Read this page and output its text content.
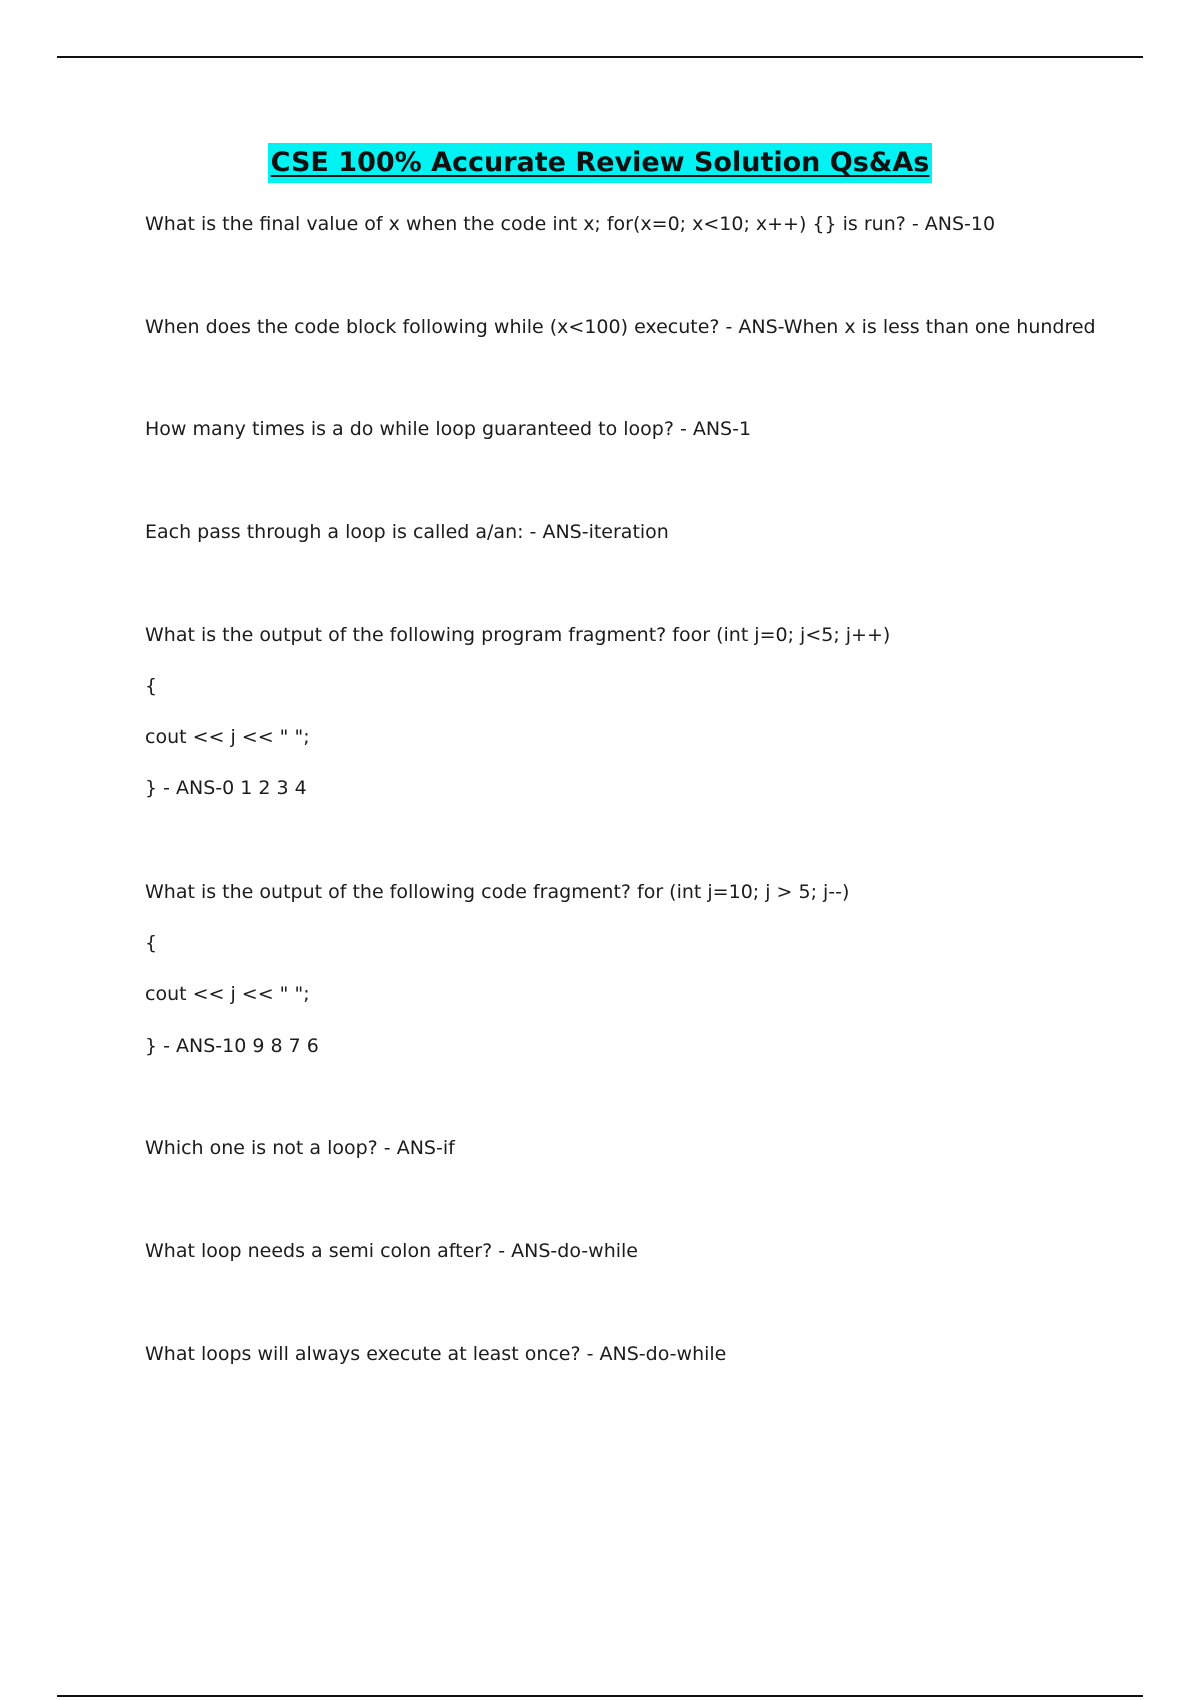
CSE 100% Accurate Review Solution Qs&As

What is the final value of x when the code int x; for(x=0; x<10; x++) {} is run? - ANS-10

When does the code block following while (x<100) execute? - ANS-When x is less than one hundred

How many times is a do while loop guaranteed to loop? - ANS-1

Each pass through a loop is called a/an: - ANS-iteration

What is the output of the following program fragment? foor (int j=0; j<5; j++)

{

cout << j << " ";

} - ANS-0 1 2 3 4

What is the output of the following code fragment? for (int j=10; j > 5; j--)

{

cout << j << " ";

} - ANS-10 9 8 7 6

Which one is not a loop? - ANS-if

What loop needs a semi colon after? - ANS-do-while

What loops will always execute at least once? - ANS-do-while
